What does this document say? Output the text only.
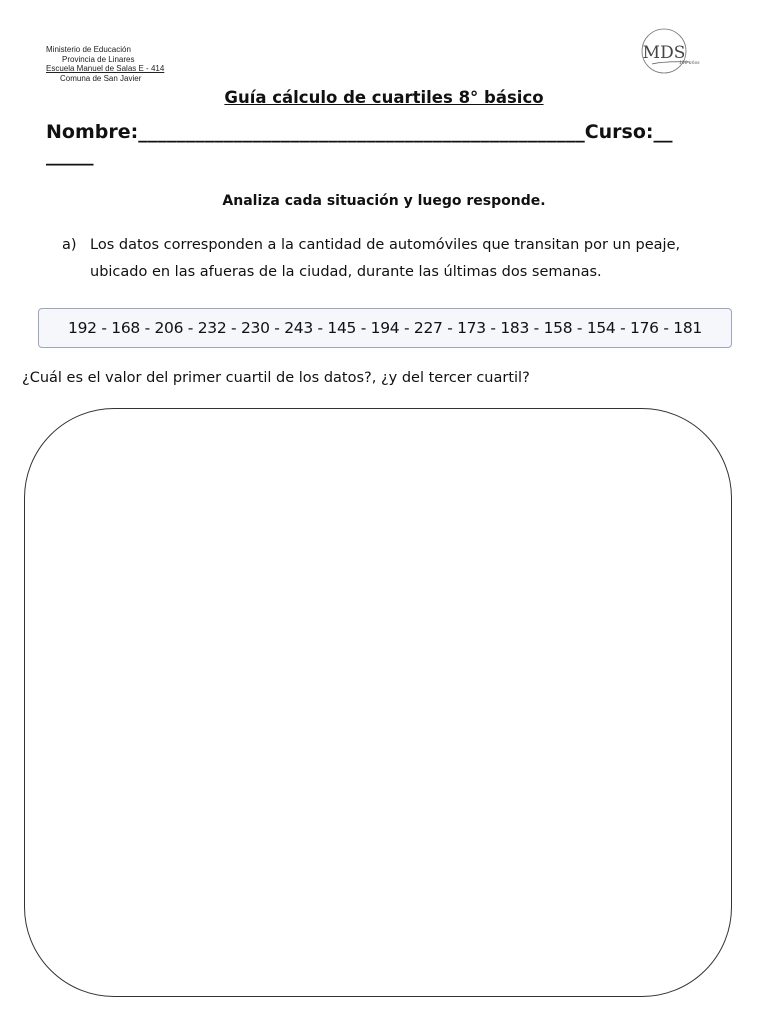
Ministerio de Educación
Provincia de Linares
Escuela Manuel de Salas E - 414
Comuna de San Javier
MDS
150 años
Guía cálculo de cuartiles 8° básico
Nombre:_______________________________________________Curso:__
_____
Analiza cada situación y luego responde.
a) Los datos corresponden a la cantidad de automóviles que transitan por un peaje, ubicado en las afueras de la ciudad, durante las últimas dos semanas.
192 - 168 - 206 - 232 - 230 - 243 - 145 - 194 - 227 - 173 - 183 - 158 - 154 - 176 - 181
¿Cuál es el valor del primer cuartil de los datos?, ¿y del tercer cuartil?
